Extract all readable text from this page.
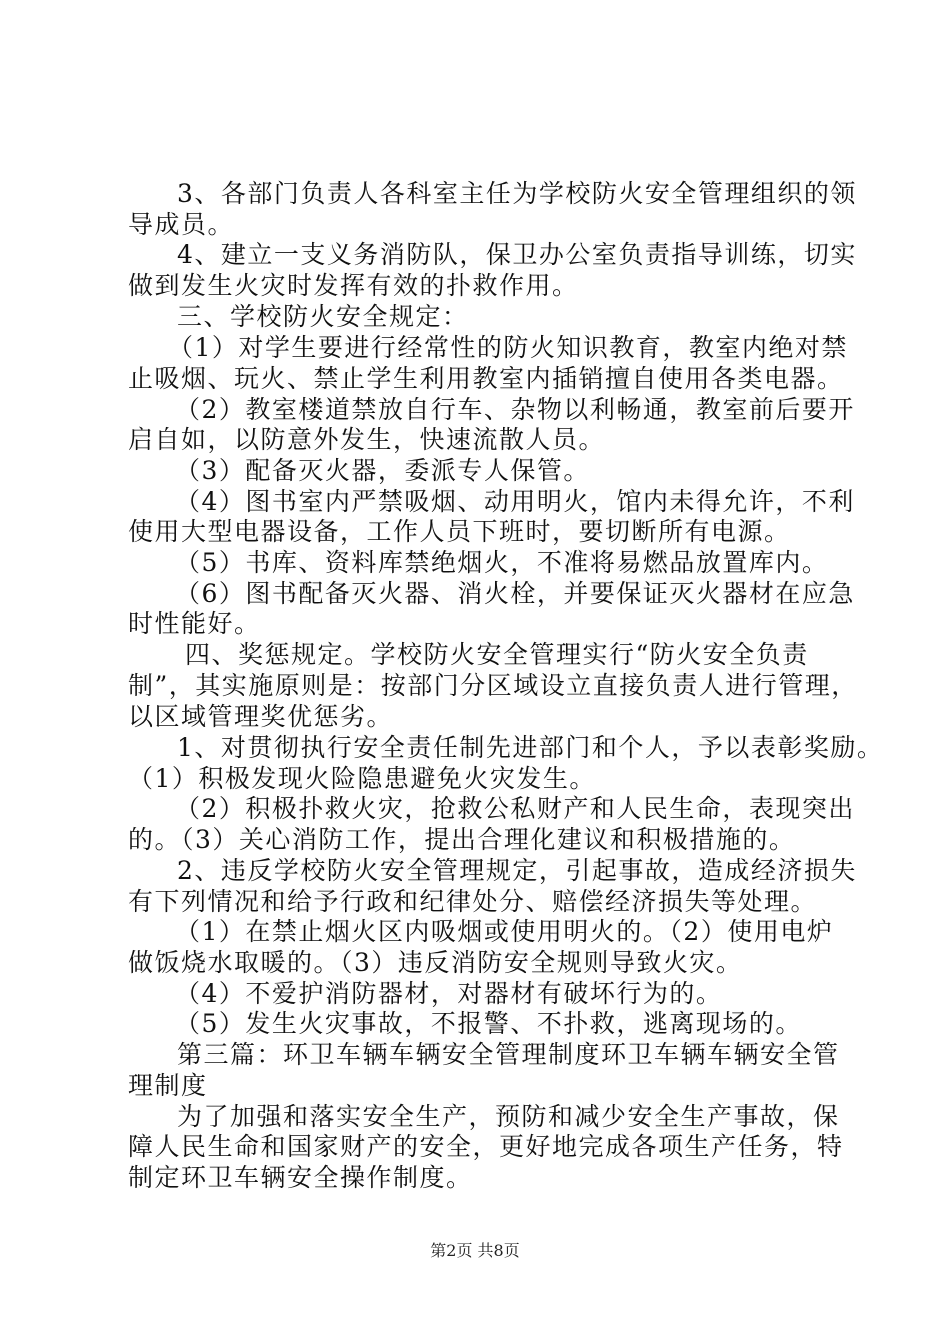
3、各部门负责人各科室主任为学校防火安全管理组织的领
导成员。
4、建立一支义务消防队，保卫办公室负责指导训练，切实
做到发生火灾时发挥有效的扑救作用。
三、学校防火安全规定：
（1）对学生要进行经常性的防火知识教育，教室内绝对禁
止吸烟、玩火、禁止学生利用教室内插销擅自使用各类电器。
（2）教室楼道禁放自行车、杂物以利畅通，教室前后要开
启自如，以防意外发生，快速流散人员。
（3）配备灭火器，委派专人保管。
（4）图书室内严禁吸烟、动用明火，馆内未得允许，不利
使用大型电器设备，工作人员下班时，要切断所有电源。
（5）书库、资料库禁绝烟火，不准将易燃品放置库内。
（6）图书配备灭火器、消火栓，并要保证灭火器材在应急
时性能好。
四、奖惩规定。学校防火安全管理实行“防火安全负责
制”，其实施原则是：按部门分区域设立直接负责人进行管理，
以区域管理奖优惩劣。
1、对贯彻执行安全责任制先进部门和个人，予以表彰奖励。
（1）积极发现火险隐患避免火灾发生。
（2）积极扑救火灾，抢救公私财产和人民生命，表现突出
的。（3）关心消防工作，提出合理化建议和积极措施的。
2、违反学校防火安全管理规定，引起事故，造成经济损失
有下列情况和给予行政和纪律处分、赔偿经济损失等处理。
（1）在禁止烟火区内吸烟或使用明火的。（2）使用电炉
做饭烧水取暖的。（3）违反消防安全规则导致火灾。
（4）不爱护消防器材，对器材有破坏行为的。
（5）发生火灾事故，不报警、不扑救，逃离现场的。
第三篇：环卫车辆车辆安全管理制度环卫车辆车辆安全管
理制度
为了加强和落实安全生产，预防和减少安全生产事故，保
障人民生命和国家财产的安全，更好地完成各项生产任务，特
制定环卫车辆安全操作制度。
第2页 共8页
